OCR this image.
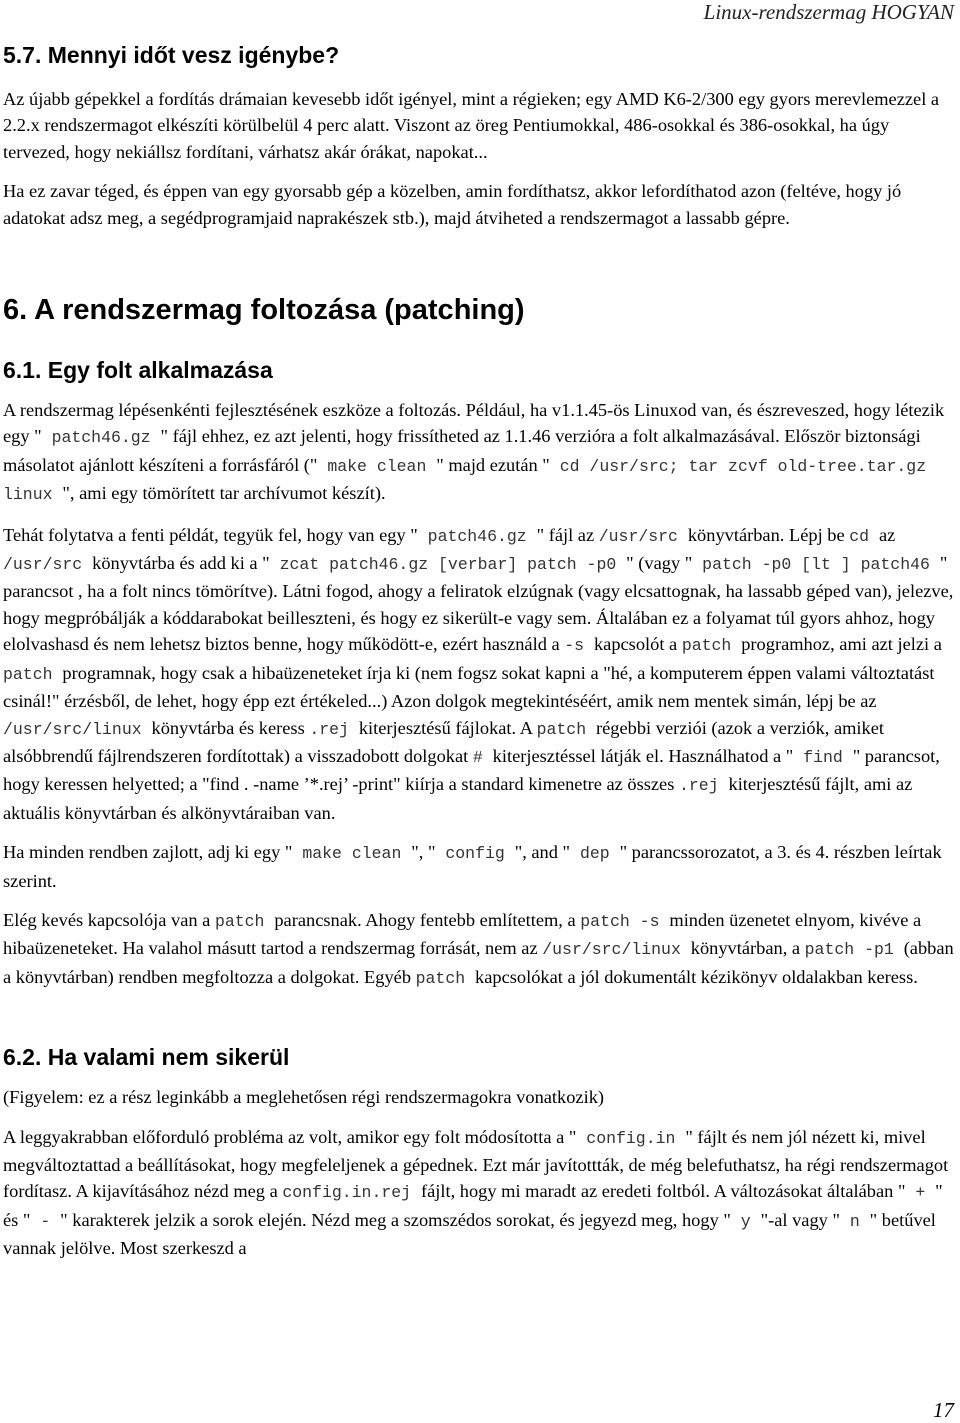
Linux-rendszermag HOGYAN
5.7. Mennyi időt vesz igénybe?

Az újabb gépekkel a fordítás drámaian kevesebb időt igényel, mint a régieken; egy AMD K6-2/300 egy gyors merevlemezzel a 2.2.x rendszermagot elkészíti körülbelül 4 perc alatt. Viszont az öreg Pentiumokkal, 486-osokkal és 386-osokkal, ha úgy tervezed, hogy nekiállsz fordítani, várhatsz akár órákat, napokat...

Ha ez zavar téged, és éppen van egy gyorsabb gép a közelben, amin fordíthatsz, akkor lefordíthatod azon (feltéve, hogy jó adatokat adsz meg, a segédprogramjaid naprakészek stb.), majd átviheted a rendszermagot a lassabb gépre.

6. A rendszermag foltozása (patching)
6.1. Egy folt alkalmazása

A rendszermag lépésenkénti fejlesztésének eszköze a foltozás. Például, ha v1.1.45-ös Linuxod van, és észreveszed, hogy létezik egy " patch46.gz " fájl ehhez, ez azt jelenti, hogy frissítheted az 1.1.46 verzióra a folt alkalmazásával. Először biztonsági másolatot ajánlott készíteni a forrásfáról (" make clean " majd ezután " cd /usr/src; tar zcvf old-tree.tar.gz linux ", ami egy tömörített tar archívumot készít).

Tehát folytatva a fenti példát, tegyük fel, hogy van egy " patch46.gz " fájl az /usr/src könyvtárban. Lépj be cd az /usr/src könyvtárba és add ki a " zcat patch46.gz [verbar] patch -p0 " (vagy " patch -p0 [lt ] patch46 " parancsot , ha a folt nincs tömörítve). Látni fogod, ahogy a feliratok elzúgnak (vagy elcsattognak, ha lassabb géped van), jelezve, hogy megpróbálják a kóddarabokat beilleszteni, és hogy ez sikerült-e vagy sem. Általában ez a folyamat túl gyors ahhoz, hogy elolvashasd és nem lehetsz biztos benne, hogy működött-e, ezért használd a -s kapcsolót a patch programhoz, ami azt jelzi a patch programnak, hogy csak a hibaüzeneteket írja ki (nem fogsz sokat kapni a "hé, a komputerem éppen valami változtatást csinál!" érzésből, de lehet, hogy épp ezt értékeled...) Azon dolgok megtekintéséért, amik nem mentek simán, lépj be az /usr/src/linux könyvtárba és keress .rej kiterjesztésű fájlokat. A patch régebbi verziói (azok a verziók, amiket alsóbbrendű fájlrendszeren fordítottak) a visszadobott dolgokat # kiterjesztéssel látják el. Használhatod a " find " parancsot, hogy keressen helyetted; a "find . -name ’*.rej’ -print" kiírja a standard kimenetre az összes .rej kiterjesztésű fájlt, ami az aktuális könyvtárban és alkönyvtáraiban van.

Ha minden rendben zajlott, adj ki egy " make clean ", " config ", and " dep " parancssorozatot, a 3. és 4. részben leírtak szerint.

Elég kevés kapcsolója van a patch parancsnak. Ahogy fentebb említettem, a patch -s minden üzenetet elnyom, kivéve a hibaüzeneteket. Ha valahol másutt tartod a rendszermag forrását, nem az /usr/src/linux könyvtárban, a patch -p1 (abban a könyvtárban) rendben megfoltozza a dolgokat. Egyéb patch kapcsolókat a jól dokumentált kézikönyv oldalakban keress.

6.2. Ha valami nem sikerül

(Figyelem: ez a rész leginkább a meglehetősen régi rendszermagokra vonatkozik)

A leggyakrabban előforduló probléma az volt, amikor egy folt módosította a " config.in " fájlt és nem jól nézett ki, mivel megváltoztattad a beállításokat, hogy megfeleljenek a gépednek. Ezt már javítottták, de még belefuthatsz, ha régi rendszermagot fordítasz. A kijavításához nézd meg a config.in.rej fájlt, hogy mi maradt az eredeti foltból. A változásokat általában " + " és " - " karakterek jelzik a sorok elején. Nézd meg a szomszédos sorokat, és jegyezd meg, hogy " y "-al vagy " n " betűvel vannak jelölve. Most szerkeszd a

17
